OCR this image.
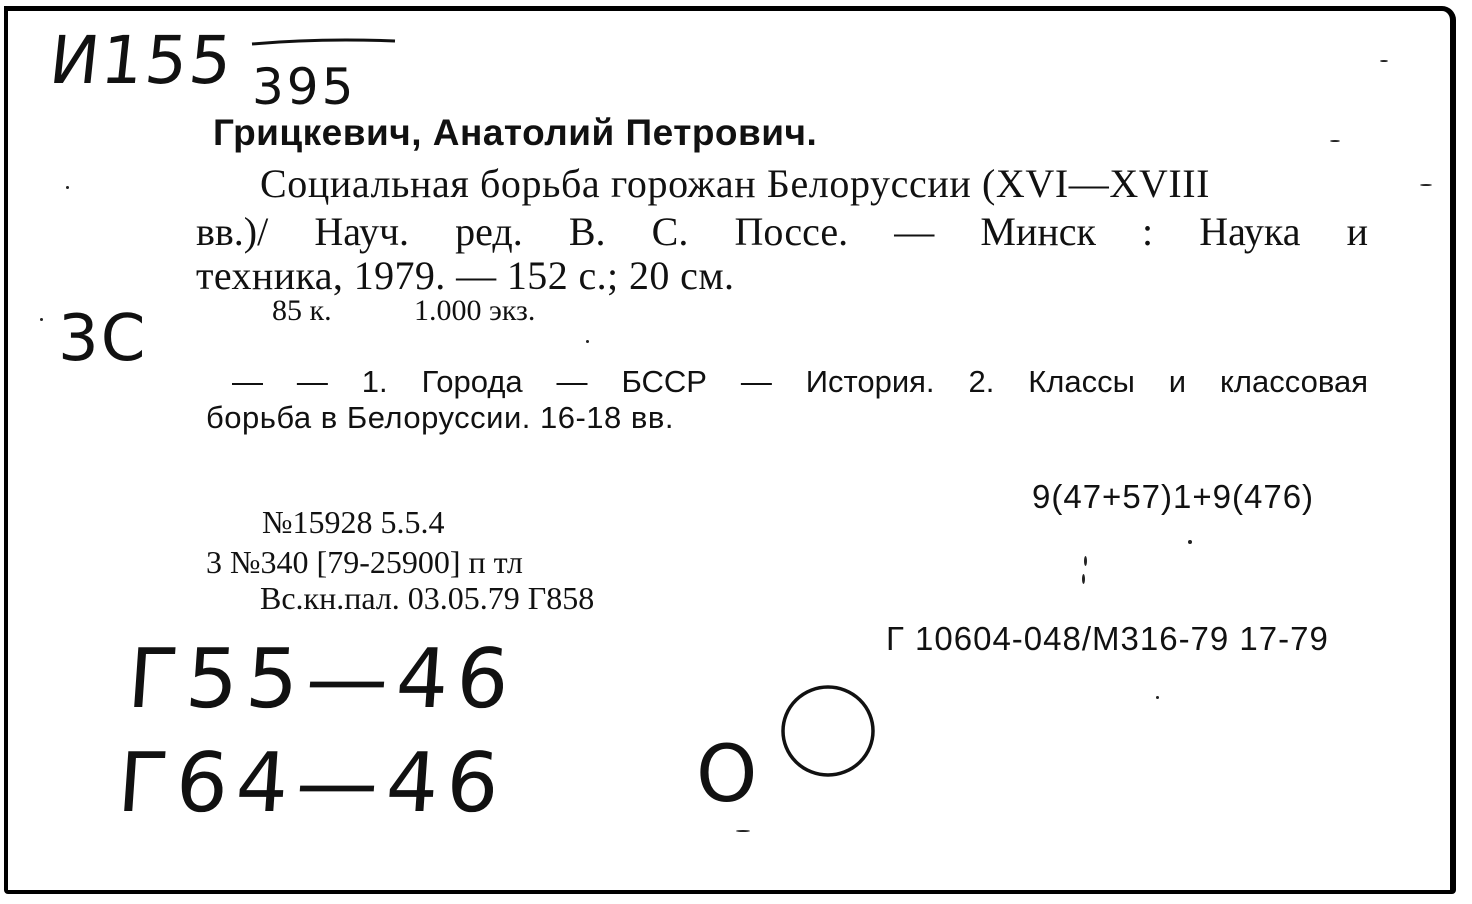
И155 395
Грицкевич, Анатолий Петрович.
Социальная борьба горожан Белоруссии (XVI—XVIII
вв.)/ Науч. ред. В. С. Поссе. — Минск : Наука и
техника, 1979. — 152 с.; 20 см.
85 к.	1.000 экз.
3С
— — 1. Города — БССР — История. 2. Классы и классовая
борьба в Белоруссии. 16-18 вв.
9(47+57)1+9(476)
№15928 5.5.4
3 №340 [79-25900] п тл
Вс.кн.пал. 03.05.79 Г858
Г 10604-048/М316-79 17-79
Г55—46
Г64—46 O
